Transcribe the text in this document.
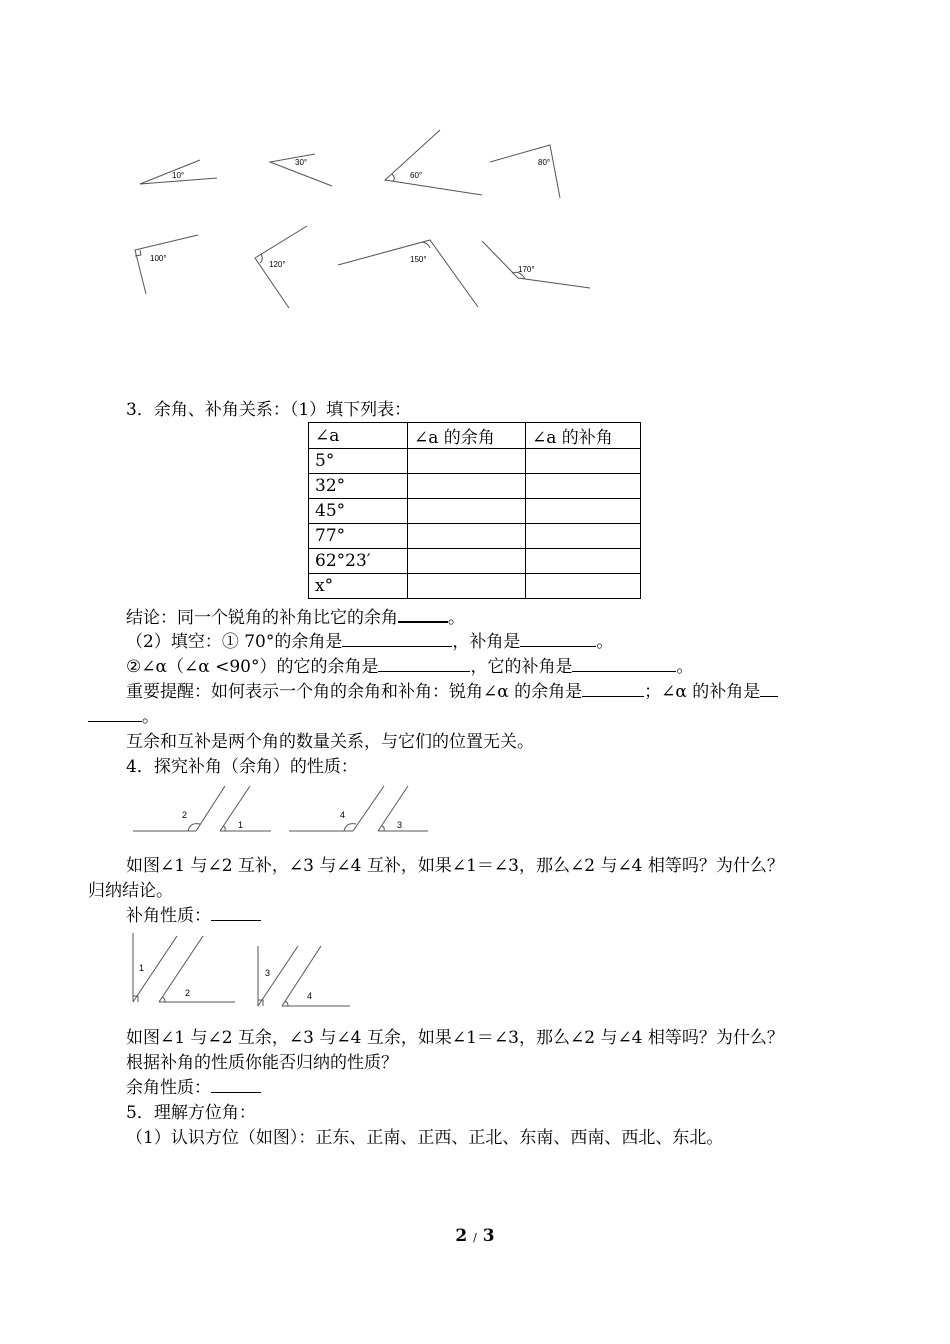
10°
30°
60°
80°
100°
120°
150°
170°
3．余角、补角关系：（1）填下列表：
∠a	∠a 的余角	∠a 的补角
5°		
32°		
45°		
77°		
62°23′		
x°		
结论：同一个锐角的补角比它的余角	。
（2）填空：① 70°的余角是	，补角是	。
②∠α（∠α <90°）的它的余角是	，它的补角是	。
重要提醒：如何表示一个角的余角和补角：锐角∠α 的余角是	；∠α 的补角是
。
互余和互补是两个角的数量关系，与它们的位置无关。
4．探究补角（余角）的性质：
2
1
4
3
如图∠1 与∠2 互补，∠3 与∠4 互补，如果∠1＝∠3，那么∠2 与∠4 相等吗？为什么？
归纳结论。
补角性质：
1
2
3
4
如图∠1 与∠2 互余，∠3 与∠4 互余，如果∠1＝∠3，那么∠2 与∠4 相等吗？为什么？
根据补角的性质你能否归纳的性质？
余角性质：
5．理解方位角：
（1）认识方位（如图）：正东、正南、正西、正北、东南、西南、西北、东北。
2 / 3
